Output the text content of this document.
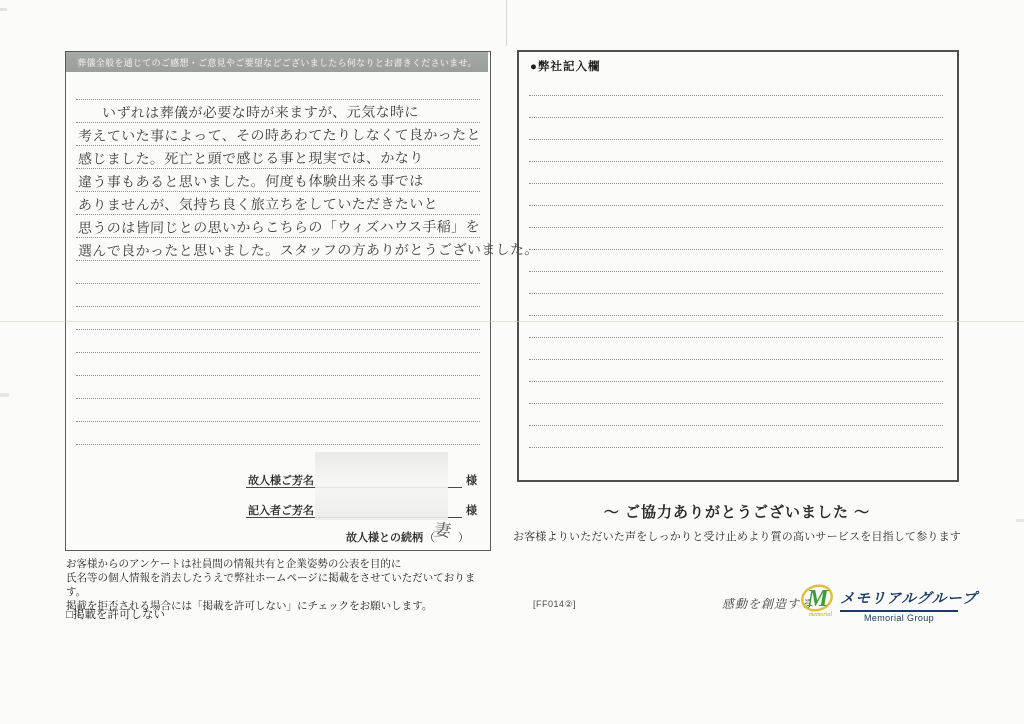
葬儀全般を通じてのご感想・ご意見やご要望などございましたら何なりとお書きくださいませ。
いずれは葬儀が必要な時が来ますが、元気な時に
考えていた事によって、その時あわてたりしなくて良かったと
感じました。死亡と頭で感じる事と現実では、かなり
違う事もあると思いました。何度も体験出来る事では
ありませんが、気持ち良く旅立ちをしていただきたいと
思うのは皆同じとの思いからこちらの「ウィズハウス手稲」を
選んで良かったと思いました。スタッフの方ありがとうございました。
故人様ご芳名	様
記入者ご芳名	様
故人様との続柄 （
妻 ）
お客様からのアンケートは社員間の情報共有と企業姿勢の公表を目的に
氏名等の個人情報を消去したうえで弊社ホームページに掲載をさせていただいております。
掲載を拒否される場合には「掲載を許可しない」にチェックをお願いします。
□掲載を許可しない
●弊社記入欄
～ ご協力ありがとうございました ～
お客様よりいただいた声をしっかりと受け止めより質の高いサービスを目指して参ります
[FF014②]	感動を創造する
M
memorial
メモリアルグループ
Memorial Group
